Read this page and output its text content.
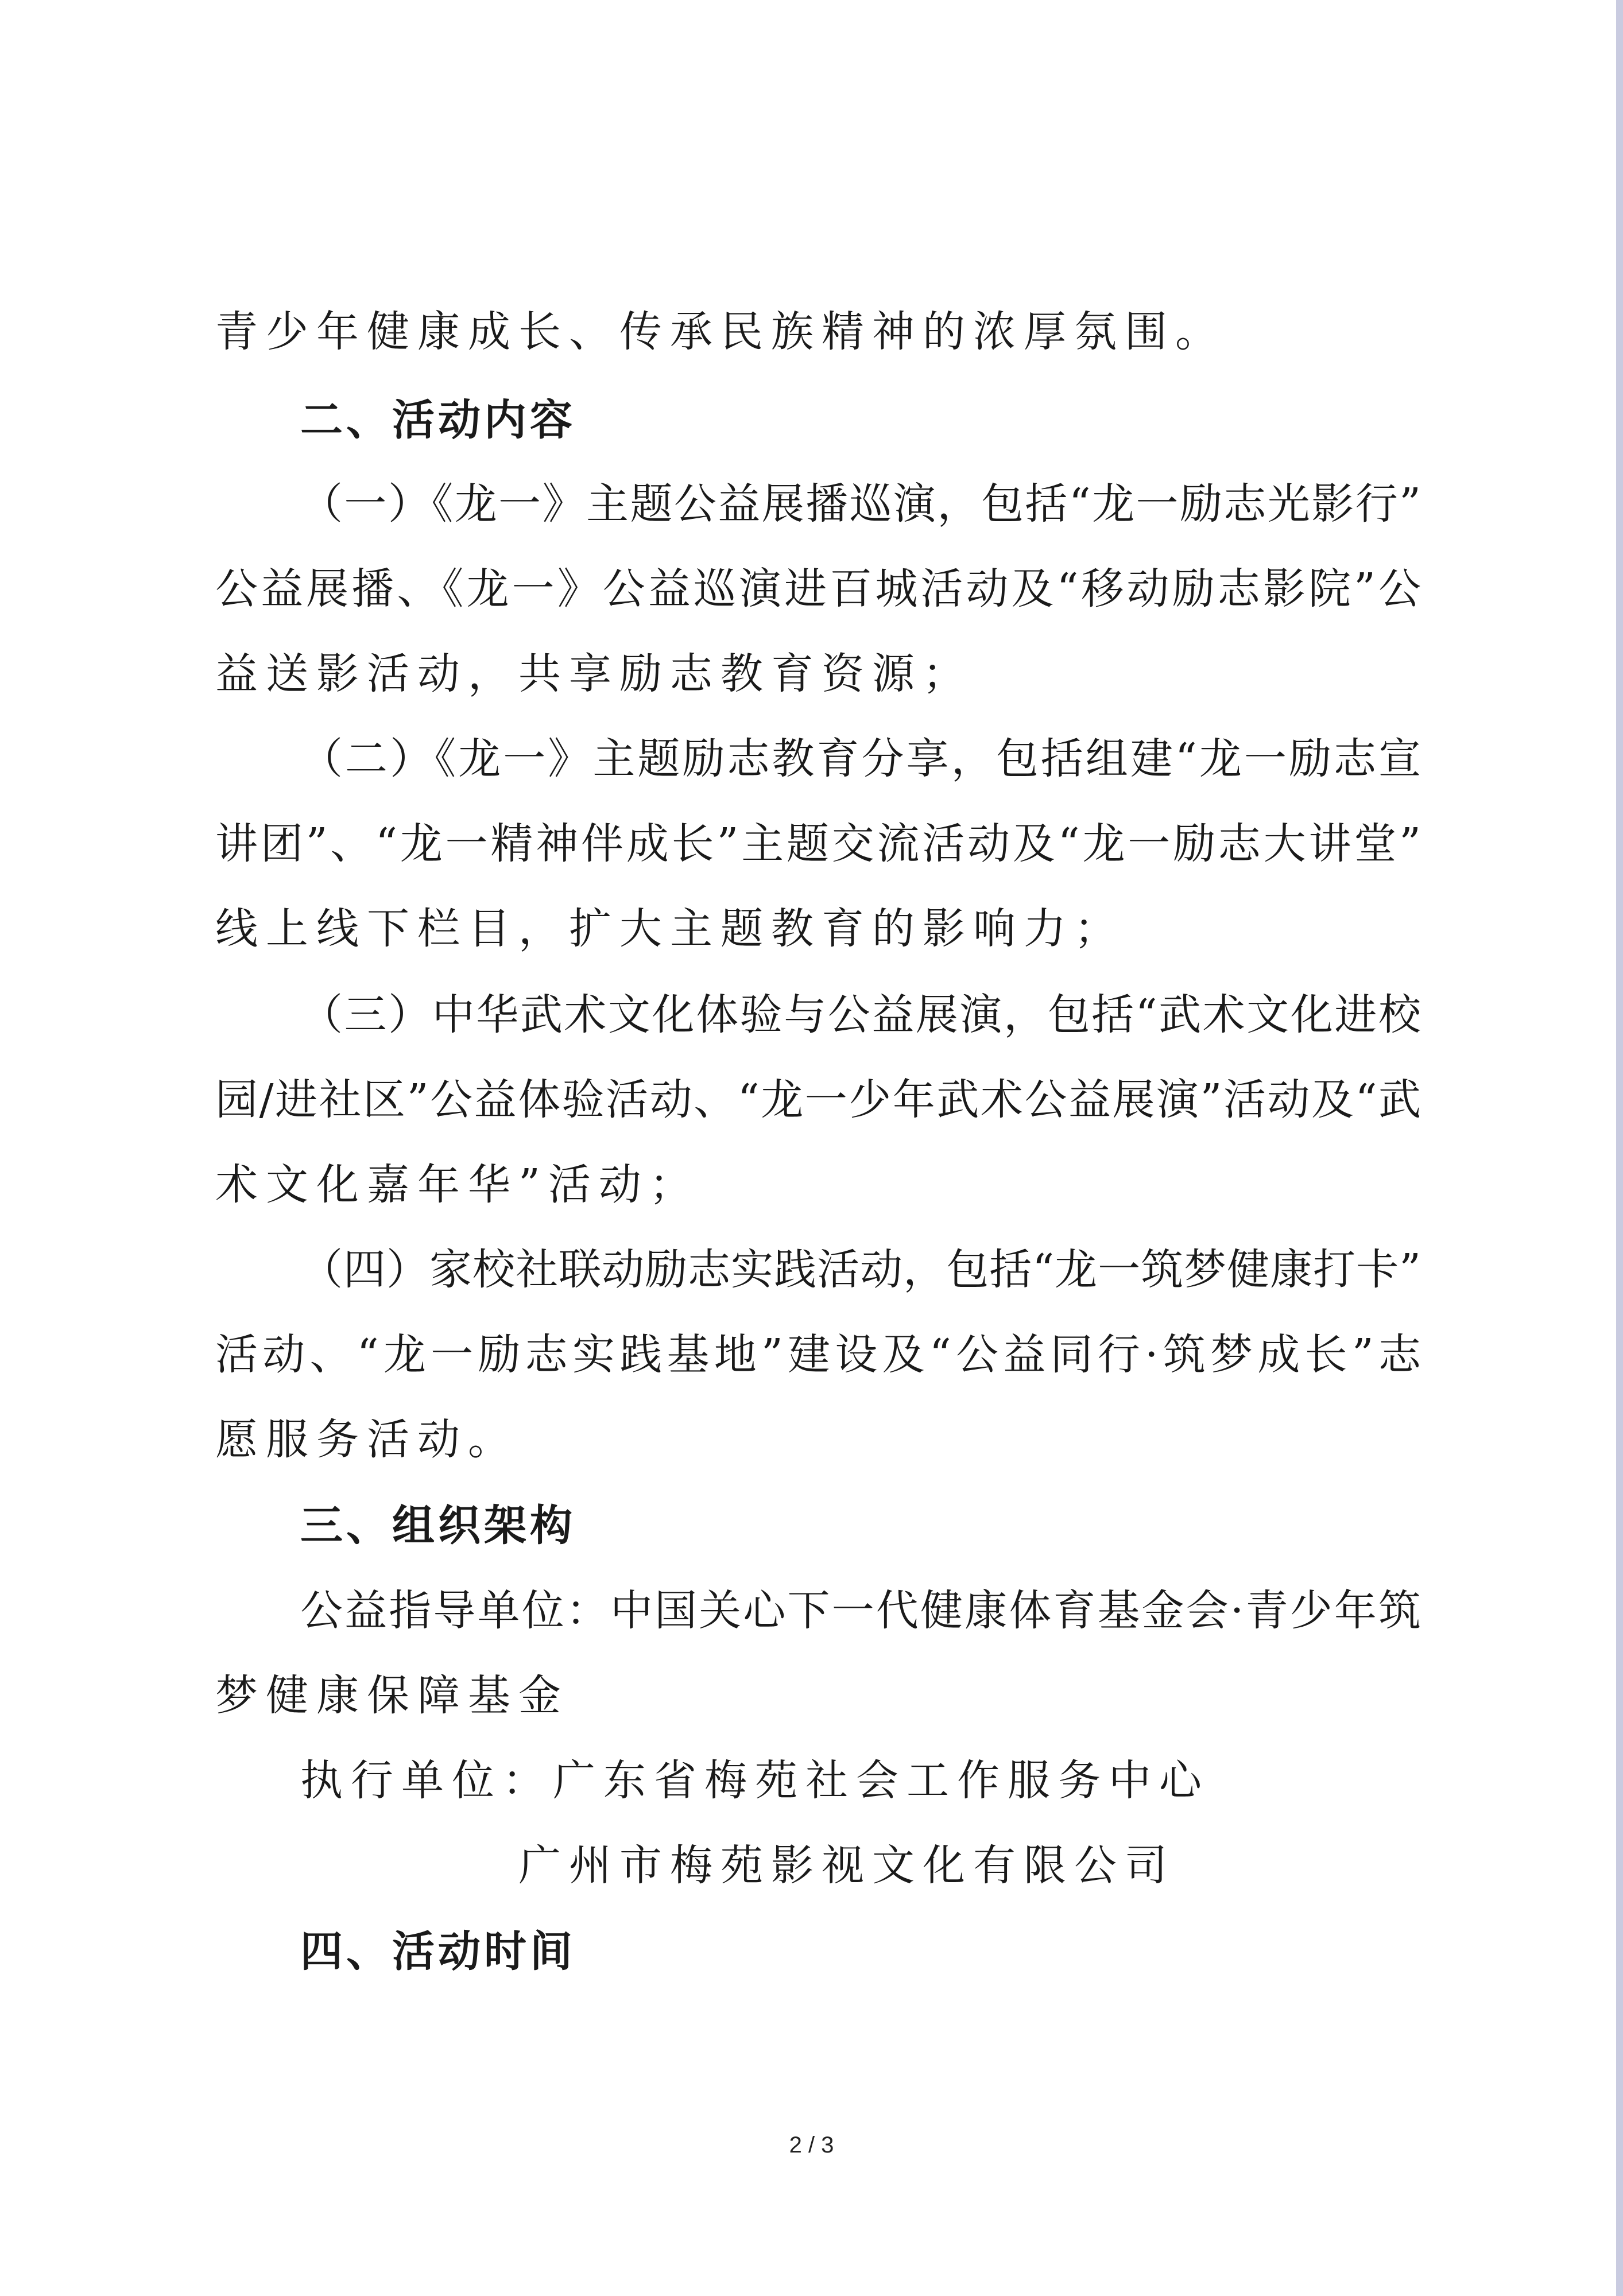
青少年健康成长、传承民族精神的浓厚氛围。
二、活动内容
（一）《龙一》主题公益展播巡演，包括“龙一励志光影行”
公益展播、《龙一》公益巡演进百城活动及“移动励志影院”公
益送影活动，共享励志教育资源；
（二）《龙一》主题励志教育分享，包括组建“龙一励志宣
讲团”、“龙一精神伴成长”主题交流活动及“龙一励志大讲堂”
线上线下栏目，扩大主题教育的影响力；
（三）中华武术文化体验与公益展演，包括“武术文化进校
园/进社区”公益体验活动、“龙一少年武术公益展演”活动及“武
术文化嘉年华”活动；
（四）家校社联动励志实践活动，包括“龙一筑梦健康打卡”
活动、“龙一励志实践基地”建设及“公益同行·筑梦成长”志
愿服务活动。
三、组织架构
公益指导单位：中国关心下一代健康体育基金会·青少年筑
梦健康保障基金
执行单位：广东省梅苑社会工作服务中心
广州市梅苑影视文化有限公司
四、活动时间
2 / 3
